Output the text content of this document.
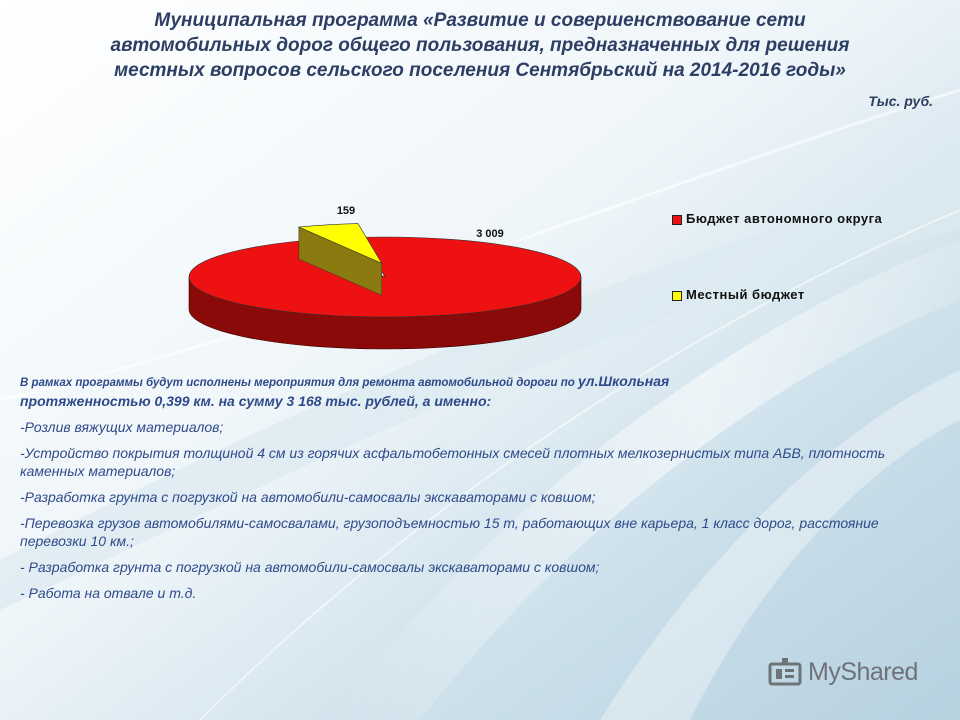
Муниципальная программа «Развитие и совершенствование сети
автомобильных дорог общего пользования, предназначенных для решения
местных вопросов сельского поселения Сентябрьский на 2014-2016 годы»
Тыс. руб.
3 009
159	Бюджет автономного округа
Местный бюджет
В рамках программы будут исполнены мероприятия для ремонта автомобильной дороги по ул.Школьная
протяженностью 0,399 км. на сумму 3 168 тыс. рублей, а именно:
-Розлив вяжущих материалов;
-Устройство покрытия толщиной 4 см из горячих асфальтобетонных смесей плотных мелкозернистых типа АБВ, плотность каменных материалов;
-Разработка грунта с погрузкой на автомобили-самосвалы экскаваторами с ковшом;
-Перевозка грузов автомобилями-самосвалами, грузоподъемностью 15 т, работающих вне карьера, 1 класс дорог, расстояние перевозки 10 км.;
- Разработка грунта с погрузкой на автомобили-самосвалы экскаваторами с ковшом;
- Работа на отвале и т.д.
MyShared
